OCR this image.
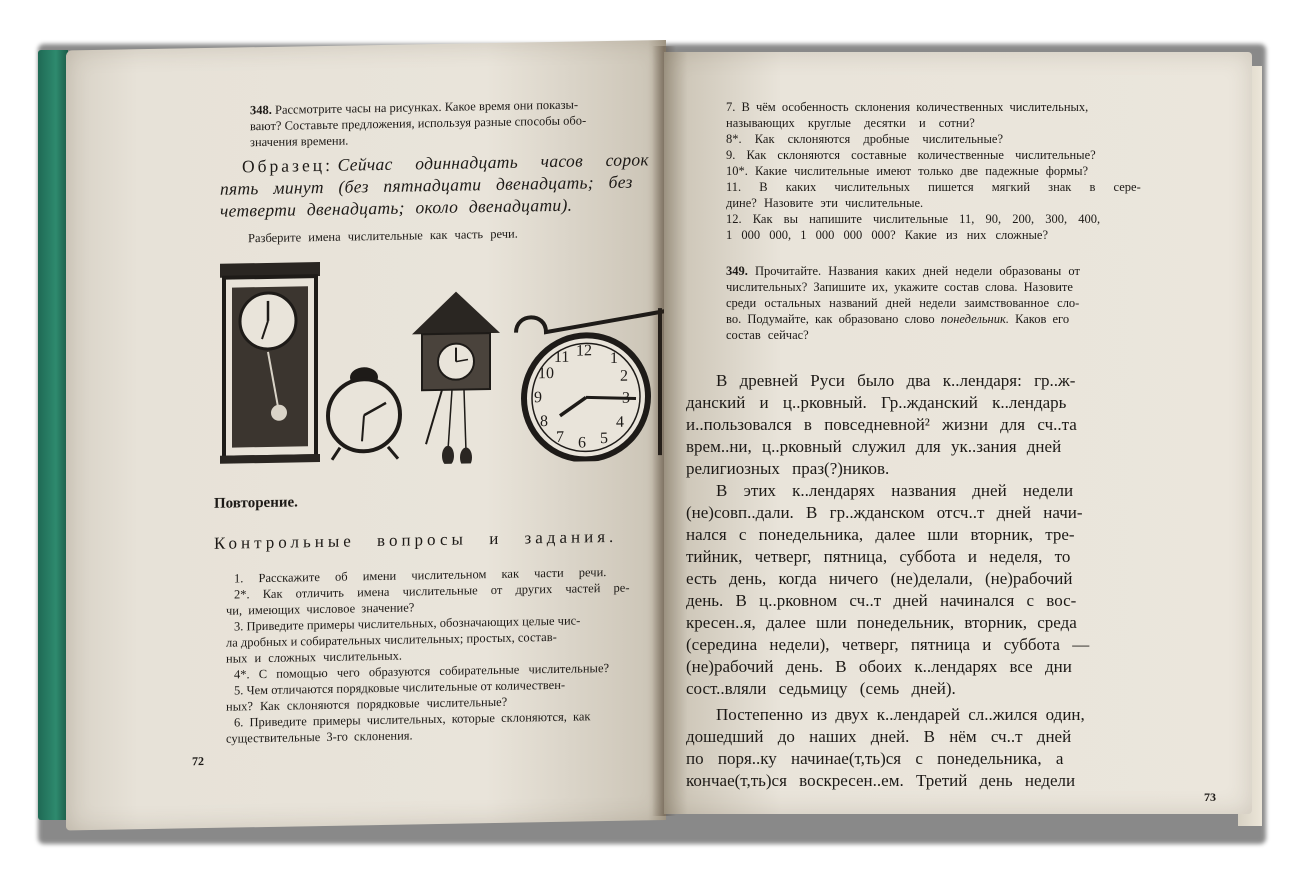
348. Рассмотрите часы на рисунках. Какое время они показы-
вают? Составьте предложения, используя разные способы обо-
значения времени.
Образец: Сейчас одиннадцать часов сорок
пять минут (без пятнадцати двенадцать; без
четверти двенадцать; около двенадцати).
Разберите имена числительные как часть речи.
12
11	1
2
10
3
9
4
8
5
7 6
Повторение.
Контрольные вопросы и задания.
1. Расскажите об имени числительном как части речи.
2*. Как отличить имена числительные от других частей ре-
чи, имеющих числовое значение?
3. Приведите примеры числительных, обозначающих целые чис-
ла дробных и собирательных числительных; простых, состав-
ных и сложных числительных.
4*. С помощью чего образуются собирательные числительные?
5. Чем отличаются порядковые числительные от количествен-
ных? Как склоняются порядковые числительные?
6. Приведите примеры числительных, которые склоняются, как
существительные 3-го склонения.
72
7. В чём особенность склонения количественных числительных,
называющих круглые десятки и сотни?
8*. Как склоняются дробные числительные?
9. Как склоняются составные количественные числительные?
10*. Какие числительные имеют только две падежные формы?
11. В каких числительных пишется мягкий знак в сере-
дине? Назовите эти числительные.
12. Как вы напишите числительные 11, 90, 200, 300, 400,
1 000 000, 1 000 000 000? Какие из них сложные?
349. Прочитайте. Названия каких дней недели образованы от
числительных? Запишите их, укажите состав слова. Назовите
среди остальных названий дней недели заимствованное сло-
во. Подумайте, как образовано слово понедельник. Каков его
состав сейчас?
В древней Руси было два к..лендаря: гр..ж-
данский и ц..рковный. Гр..жданский к..лендарь
и..пользовался в повседневной² жизни для сч..та
врем..ни, ц..рковный служил для ук..зания дней
религиозных праз(?)ников.
В этих к..лендарях названия дней недели
(не)совп..дали. В гр..жданском отсч..т дней начи-
нался с понедельника, далее шли вторник, тре-
тийник, четверг, пятница, суббота и неделя, то
есть день, когда ничего (не)делали, (не)рабочий
день. В ц..рковном сч..т дней начинался с вос-
кресен..я, далее шли понедельник, вторник, среда
(середина недели), четверг, пятница и суббота —
(не)рабочий день. В обоих к..лендарях все дни
сост..вляли седьмицу (семь дней).
Постепенно из двух к..лендарей сл..жился один,
дошедший до наших дней. В нём сч..т дней
по поря..ку начинае(т,ть)ся с понедельника, а
кончае(т,ть)ся воскресен..ем. Третий день недели
73
